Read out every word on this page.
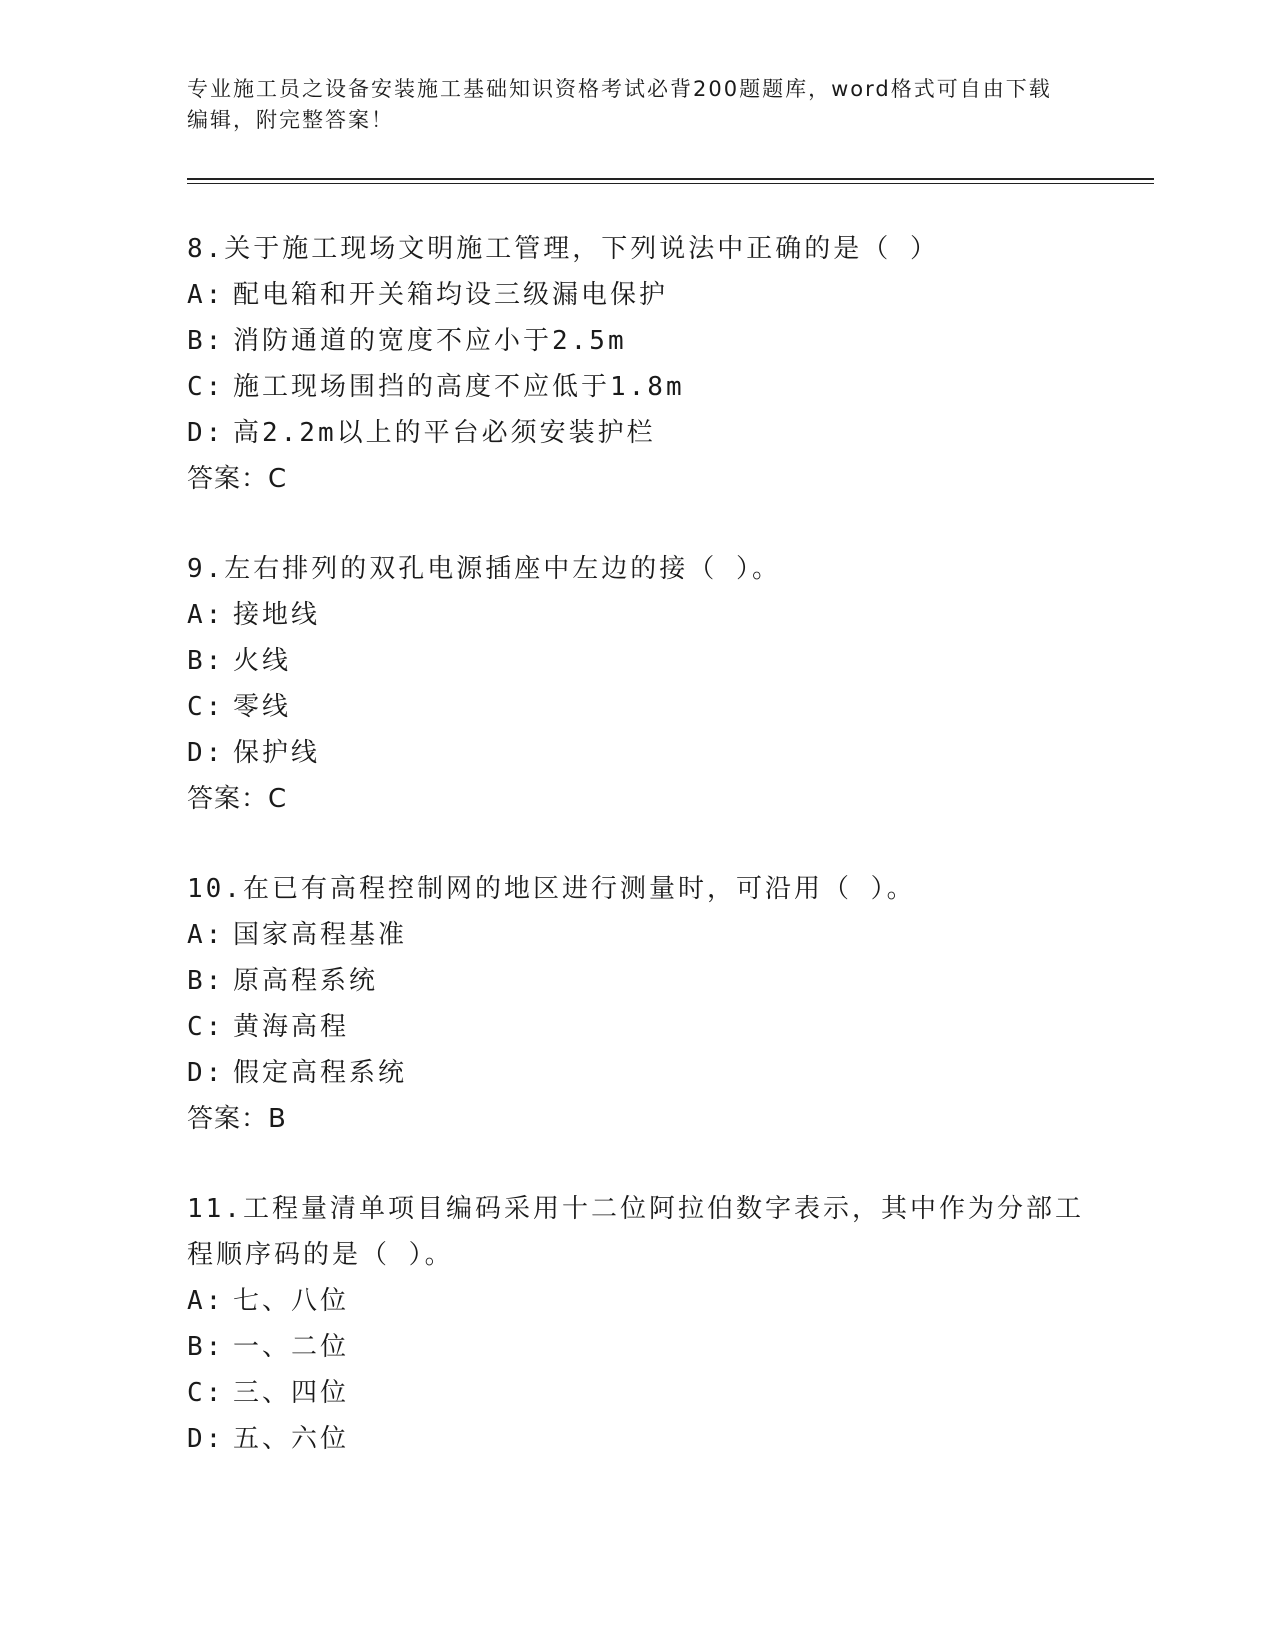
专业施工员之设备安装施工基础知识资格考试必背200题题库，word格式可自由下载编辑，附完整答案！
8.关于施工现场文明施工管理，下列说法中正确的是（ ）
A: 配电箱和开关箱均设三级漏电保护
B: 消防通道的宽度不应小于2.5m
C: 施工现场围挡的高度不应低于1.8m
D: 高2.2m以上的平台必须安装护栏
答案：C
9.左右排列的双孔电源插座中左边的接（ ）。
A: 接地线
B: 火线
C: 零线
D: 保护线
答案：C
10.在已有高程控制网的地区进行测量时，可沿用（ ）。
A: 国家高程基准
B: 原高程系统
C: 黄海高程
D: 假定高程系统
答案：B
11.工程量清单项目编码采用十二位阿拉伯数字表示，其中作为分部工
程顺序码的是（ ）。
A: 七、八位
B: 一、二位
C: 三、四位
D: 五、六位
